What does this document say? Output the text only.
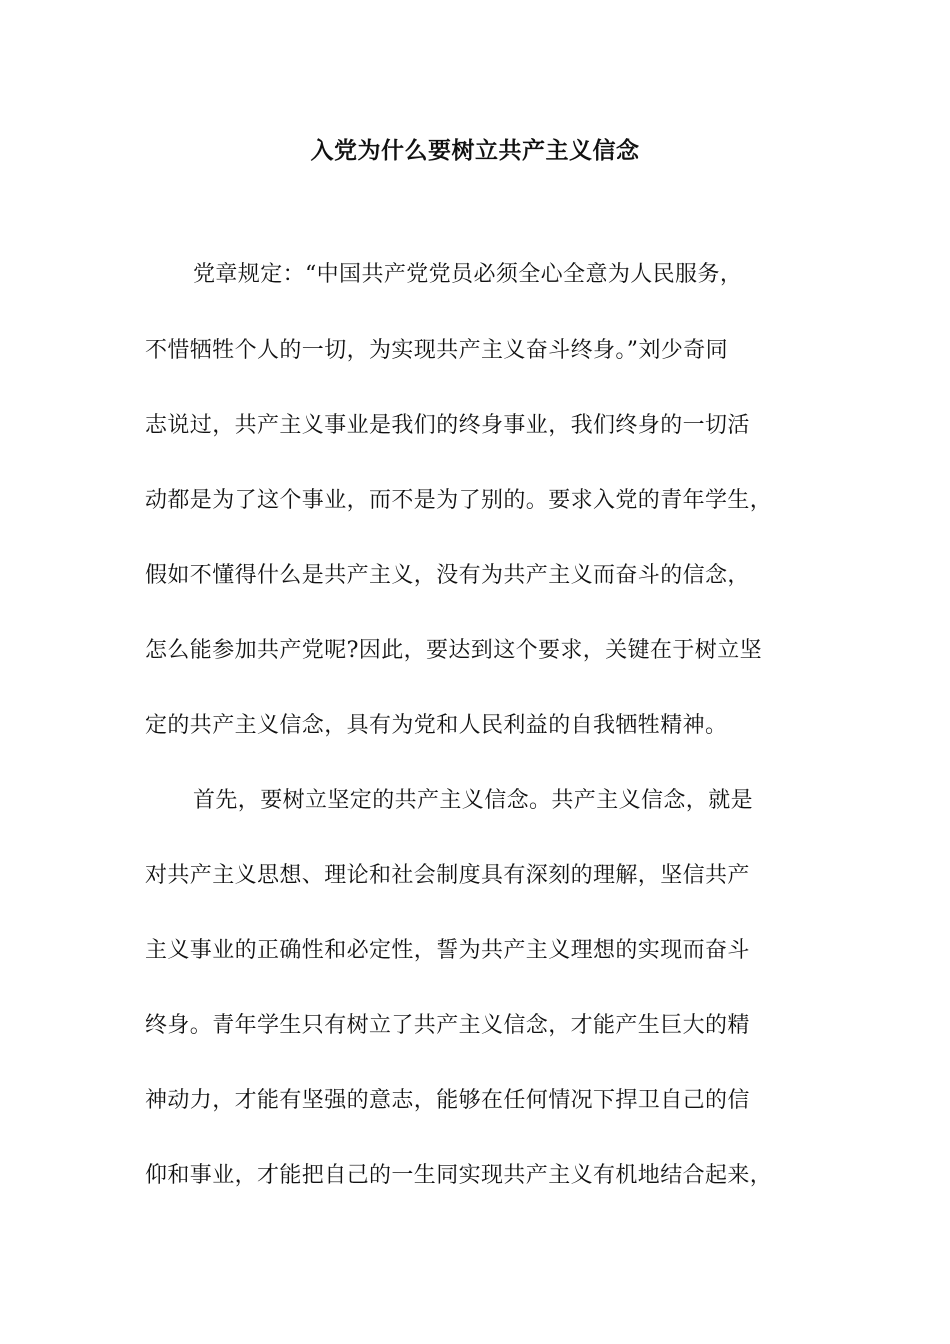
入党为什么要树立共产主义信念
党章规定：“中国共产党党员必须全心全意为人民服务，
不惜牺牲个人的一切，为实现共产主义奋斗终身。”刘少奇同
志说过，共产主义事业是我们的终身事业，我们终身的一切活
动都是为了这个事业，而不是为了别的。要求入党的青年学生，
假如不懂得什么是共产主义，没有为共产主义而奋斗的信念，
怎么能参加共产党呢?因此，要达到这个要求，关键在于树立坚
定的共产主义信念，具有为党和人民利益的自我牺牲精神。
首先，要树立坚定的共产主义信念。共产主义信念，就是
对共产主义思想、理论和社会制度具有深刻的理解，坚信共产
主义事业的正确性和必定性，誓为共产主义理想的实现而奋斗
终身。青年学生只有树立了共产主义信念，才能产生巨大的精
神动力，才能有坚强的意志，能够在任何情况下捍卫自己的信
仰和事业，才能把自己的一生同实现共产主义有机地结合起来，
